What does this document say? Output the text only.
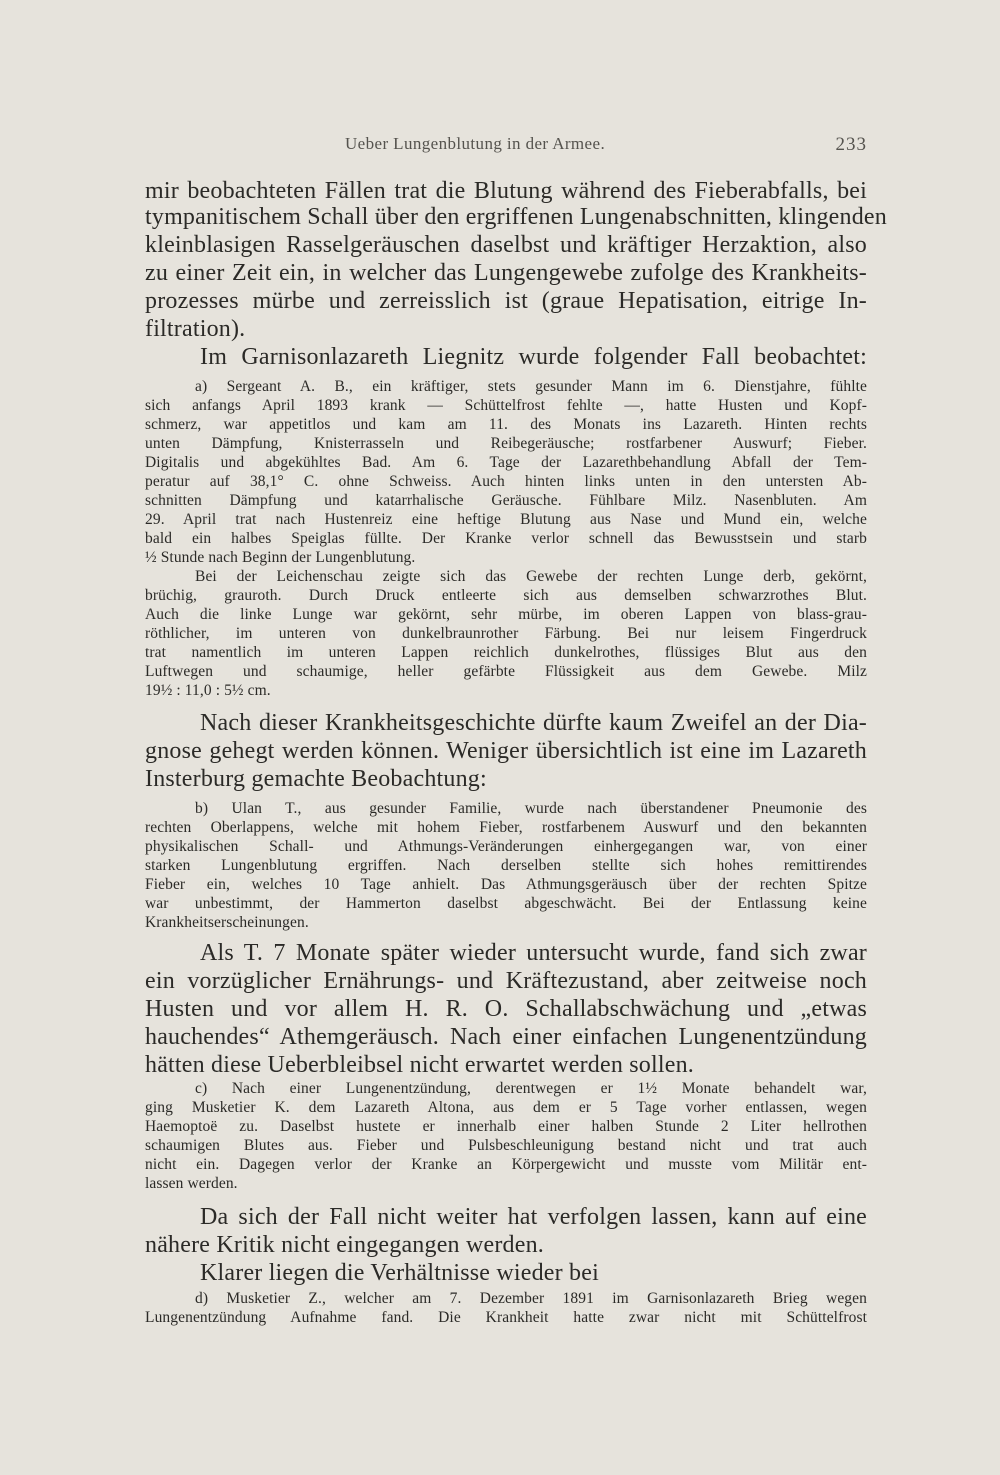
Ueber Lungenblutung in der Armee.	233
mir beobachteten Fällen trat die Blutung während des Fieberabfalls, bei
tympanitischem Schall über den ergriffenen Lungenabschnitten, klingenden
kleinblasigen Rasselgeräuschen daselbst und kräftiger Herzaktion, also
zu einer Zeit ein, in welcher das Lungengewebe zufolge des Krankheits-
prozesses mürbe und zerreisslich ist (graue Hepatisation, eitrige In-
filtration).
Im Garnisonlazareth Liegnitz wurde folgender Fall beobachtet:
a) Sergeant A. B., ein kräftiger, stets gesunder Mann im 6. Dienstjahre, fühlte
sich anfangs April 1893 krank — Schüttelfrost fehlte —, hatte Husten und Kopf-
schmerz, war appetitlos und kam am 11. des Monats ins Lazareth. Hinten rechts
unten Dämpfung, Knisterrasseln und Reibegeräusche; rostfarbener Auswurf; Fieber.
Digitalis und abgekühltes Bad. Am 6. Tage der Lazarethbehandlung Abfall der Tem-
peratur auf 38,1° C. ohne Schweiss. Auch hinten links unten in den untersten Ab-
schnitten Dämpfung und katarrhalische Geräusche. Fühlbare Milz. Nasenbluten. Am
29. April trat nach Hustenreiz eine heftige Blutung aus Nase und Mund ein, welche
bald ein halbes Speiglas füllte. Der Kranke verlor schnell das Bewusstsein und starb
½ Stunde nach Beginn der Lungenblutung.
Bei der Leichenschau zeigte sich das Gewebe der rechten Lunge derb, gekörnt,
brüchig, grauroth. Durch Druck entleerte sich aus demselben schwarzrothes Blut.
Auch die linke Lunge war gekörnt, sehr mürbe, im oberen Lappen von blass-grau-
röthlicher, im unteren von dunkelbraunrother Färbung. Bei nur leisem Fingerdruck
trat namentlich im unteren Lappen reichlich dunkelrothes, flüssiges Blut aus den
Luftwegen und schaumige, heller gefärbte Flüssigkeit aus dem Gewebe. Milz
19½ : 11,0 : 5½ cm.
Nach dieser Krankheitsgeschichte dürfte kaum Zweifel an der Dia-
gnose gehegt werden können. Weniger übersichtlich ist eine im Lazareth
Insterburg gemachte Beobachtung:
b) Ulan T., aus gesunder Familie, wurde nach überstandener Pneumonie des
rechten Oberlappens, welche mit hohem Fieber, rostfarbenem Auswurf und den bekannten
physikalischen Schall- und Athmungs-Veränderungen einhergegangen war, von einer
starken Lungenblutung ergriffen. Nach derselben stellte sich hohes remittirendes
Fieber ein, welches 10 Tage anhielt. Das Athmungsgeräusch über der rechten Spitze
war unbestimmt, der Hammerton daselbst abgeschwächt. Bei der Entlassung keine
Krankheitserscheinungen.
Als T. 7 Monate später wieder untersucht wurde, fand sich zwar
ein vorzüglicher Ernährungs- und Kräftezustand, aber zeitweise noch
Husten und vor allem H. R. O. Schallabschwächung und „etwas
hauchendes“ Athemgeräusch. Nach einer einfachen Lungenentzündung
hätten diese Ueberbleibsel nicht erwartet werden sollen.
c) Nach einer Lungenentzündung, derentwegen er 1½ Monate behandelt war,
ging Musketier K. dem Lazareth Altona, aus dem er 5 Tage vorher entlassen, wegen
Haemoptoë zu. Daselbst hustete er innerhalb einer halben Stunde 2 Liter hellrothen
schaumigen Blutes aus. Fieber und Pulsbeschleunigung bestand nicht und trat auch
nicht ein. Dagegen verlor der Kranke an Körpergewicht und musste vom Militär ent-
lassen werden.
Da sich der Fall nicht weiter hat verfolgen lassen, kann auf eine
nähere Kritik nicht eingegangen werden.
Klarer liegen die Verhältnisse wieder bei
d) Musketier Z., welcher am 7. Dezember 1891 im Garnisonlazareth Brieg wegen
Lungenentzündung Aufnahme fand. Die Krankheit hatte zwar nicht mit Schüttelfrost
